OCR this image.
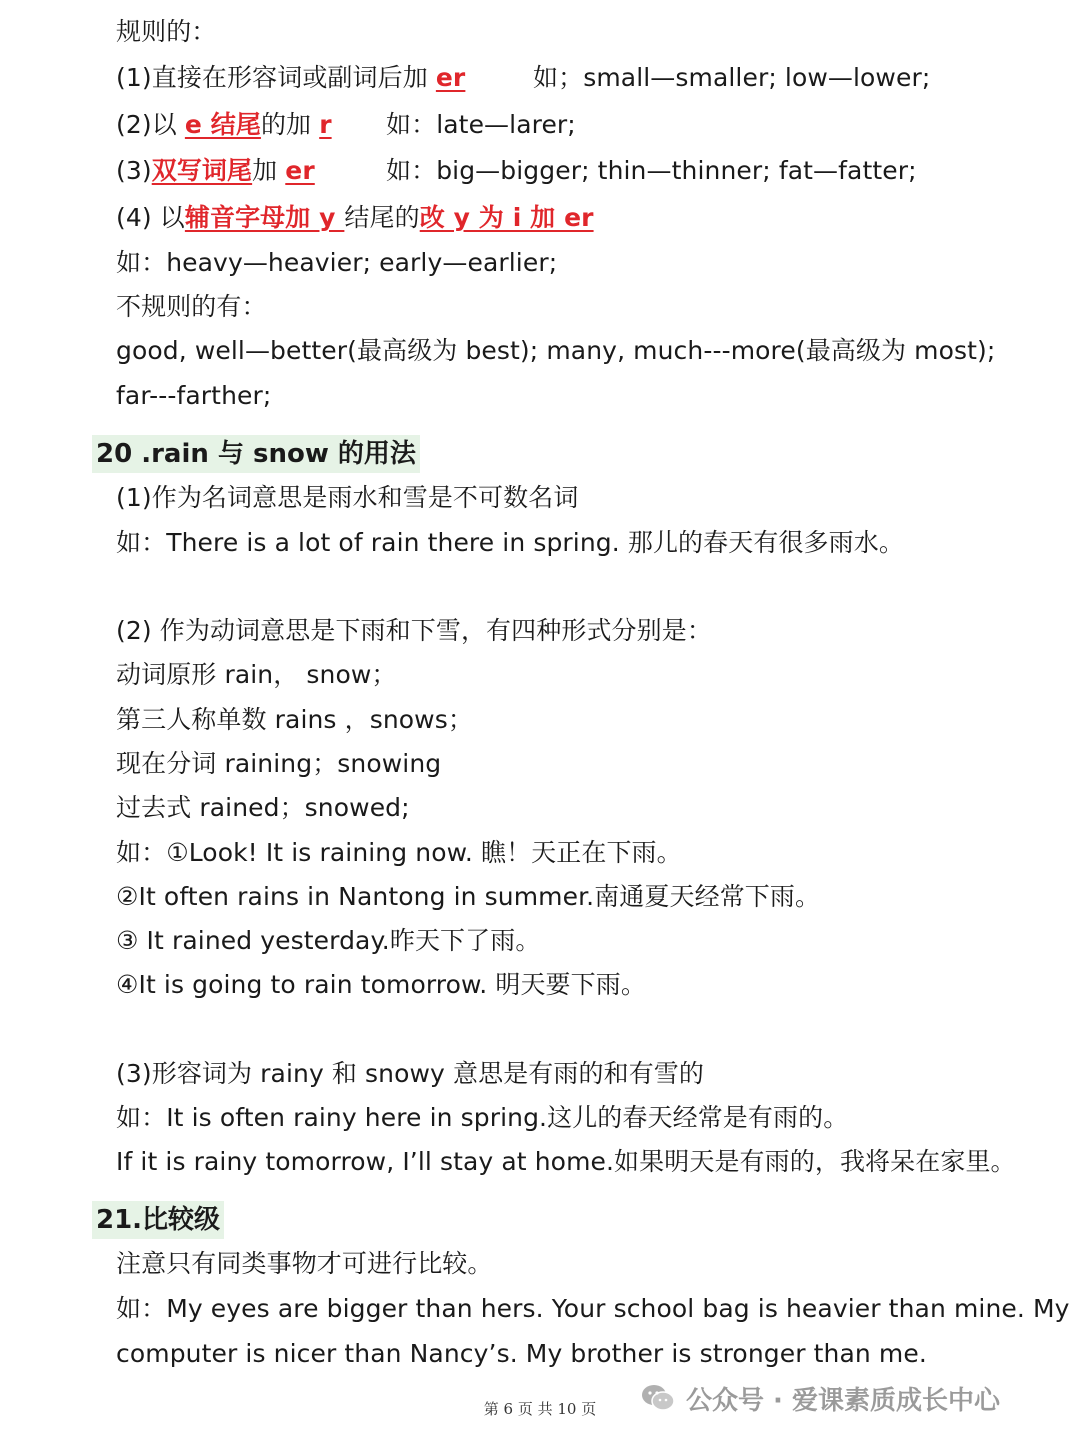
规则的：
(1)直接在形容词或副词后加 er	如；small—smaller; low—lower;
(2)以 e 结尾的加 r 如：late—larer;
(3)双写词尾加 er	如：big—bigger; thin—thinner; fat—fatter;
(4) 以辅音字母加 y 结尾的改 y 为 i 加 er
如：heavy—heavier; early—earlier;
不规则的有：
good, well—better(最高级为 best); many, much---more(最高级为 most);
far---farther;
20 .rain 与 snow 的用法
(1)作为名词意思是雨水和雪是不可数名词
如：There is a lot of rain there in spring. 那儿的春天有很多雨水。
(2) 作为动词意思是下雨和下雪，有四种形式分别是：
动词原形 rain， snow；
第三人称单数 rains ，snows；
现在分词 raining；snowing
过去式 rained；snowed;
如：①Look! It is raining now. 瞧！天正在下雨。
②It often rains in Nantong in summer.南通夏天经常下雨。
③ It rained yesterday.昨天下了雨。
④It is going to rain tomorrow. 明天要下雨。
(3)形容词为 rainy 和 snowy 意思是有雨的和有雪的
如：It is often rainy here in spring.这儿的春天经常是有雨的。
If it is rainy tomorrow, I’ll stay at home.如果明天是有雨的，我将呆在家里。
21.比较级
注意只有同类事物才可进行比较。
如：My eyes are bigger than hers. Your school bag is heavier than mine. My
computer is nicer than Nancy’s. My brother is stronger than me.
第 6 页 共 10 页	公众号 · 爱课素质成长中心
